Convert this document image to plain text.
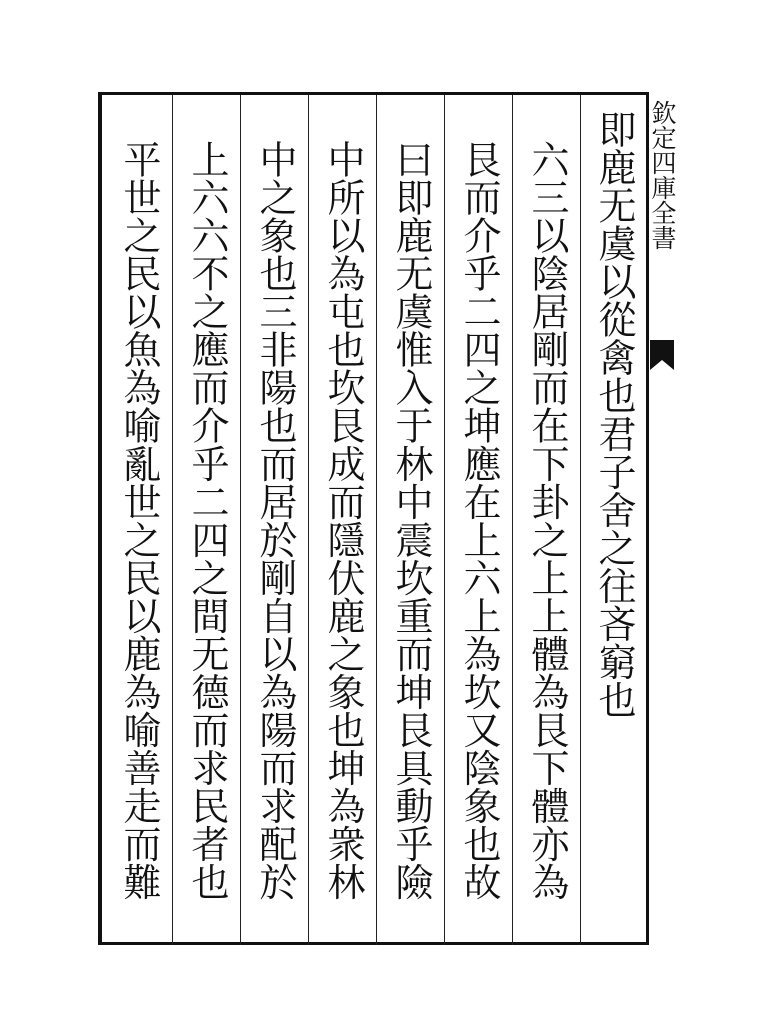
即鹿无虞以從禽也君子舍之往吝窮也
六三以陰居剛而在下卦之上上體為艮下體亦為
艮而介乎二四之坤應在上六上為坎又陰象也故
曰即鹿无虞惟入于林中震坎重而坤艮具動乎險
中所以為屯也坎艮成而隱伏鹿之象也坤為衆林
中之象也三非陽也而居於剛自以為陽而求配於
上六六不之應而介乎二四之間无德而求民者也
平世之民以魚為喻亂世之民以鹿為喻善走而難	欽定四庫全書
